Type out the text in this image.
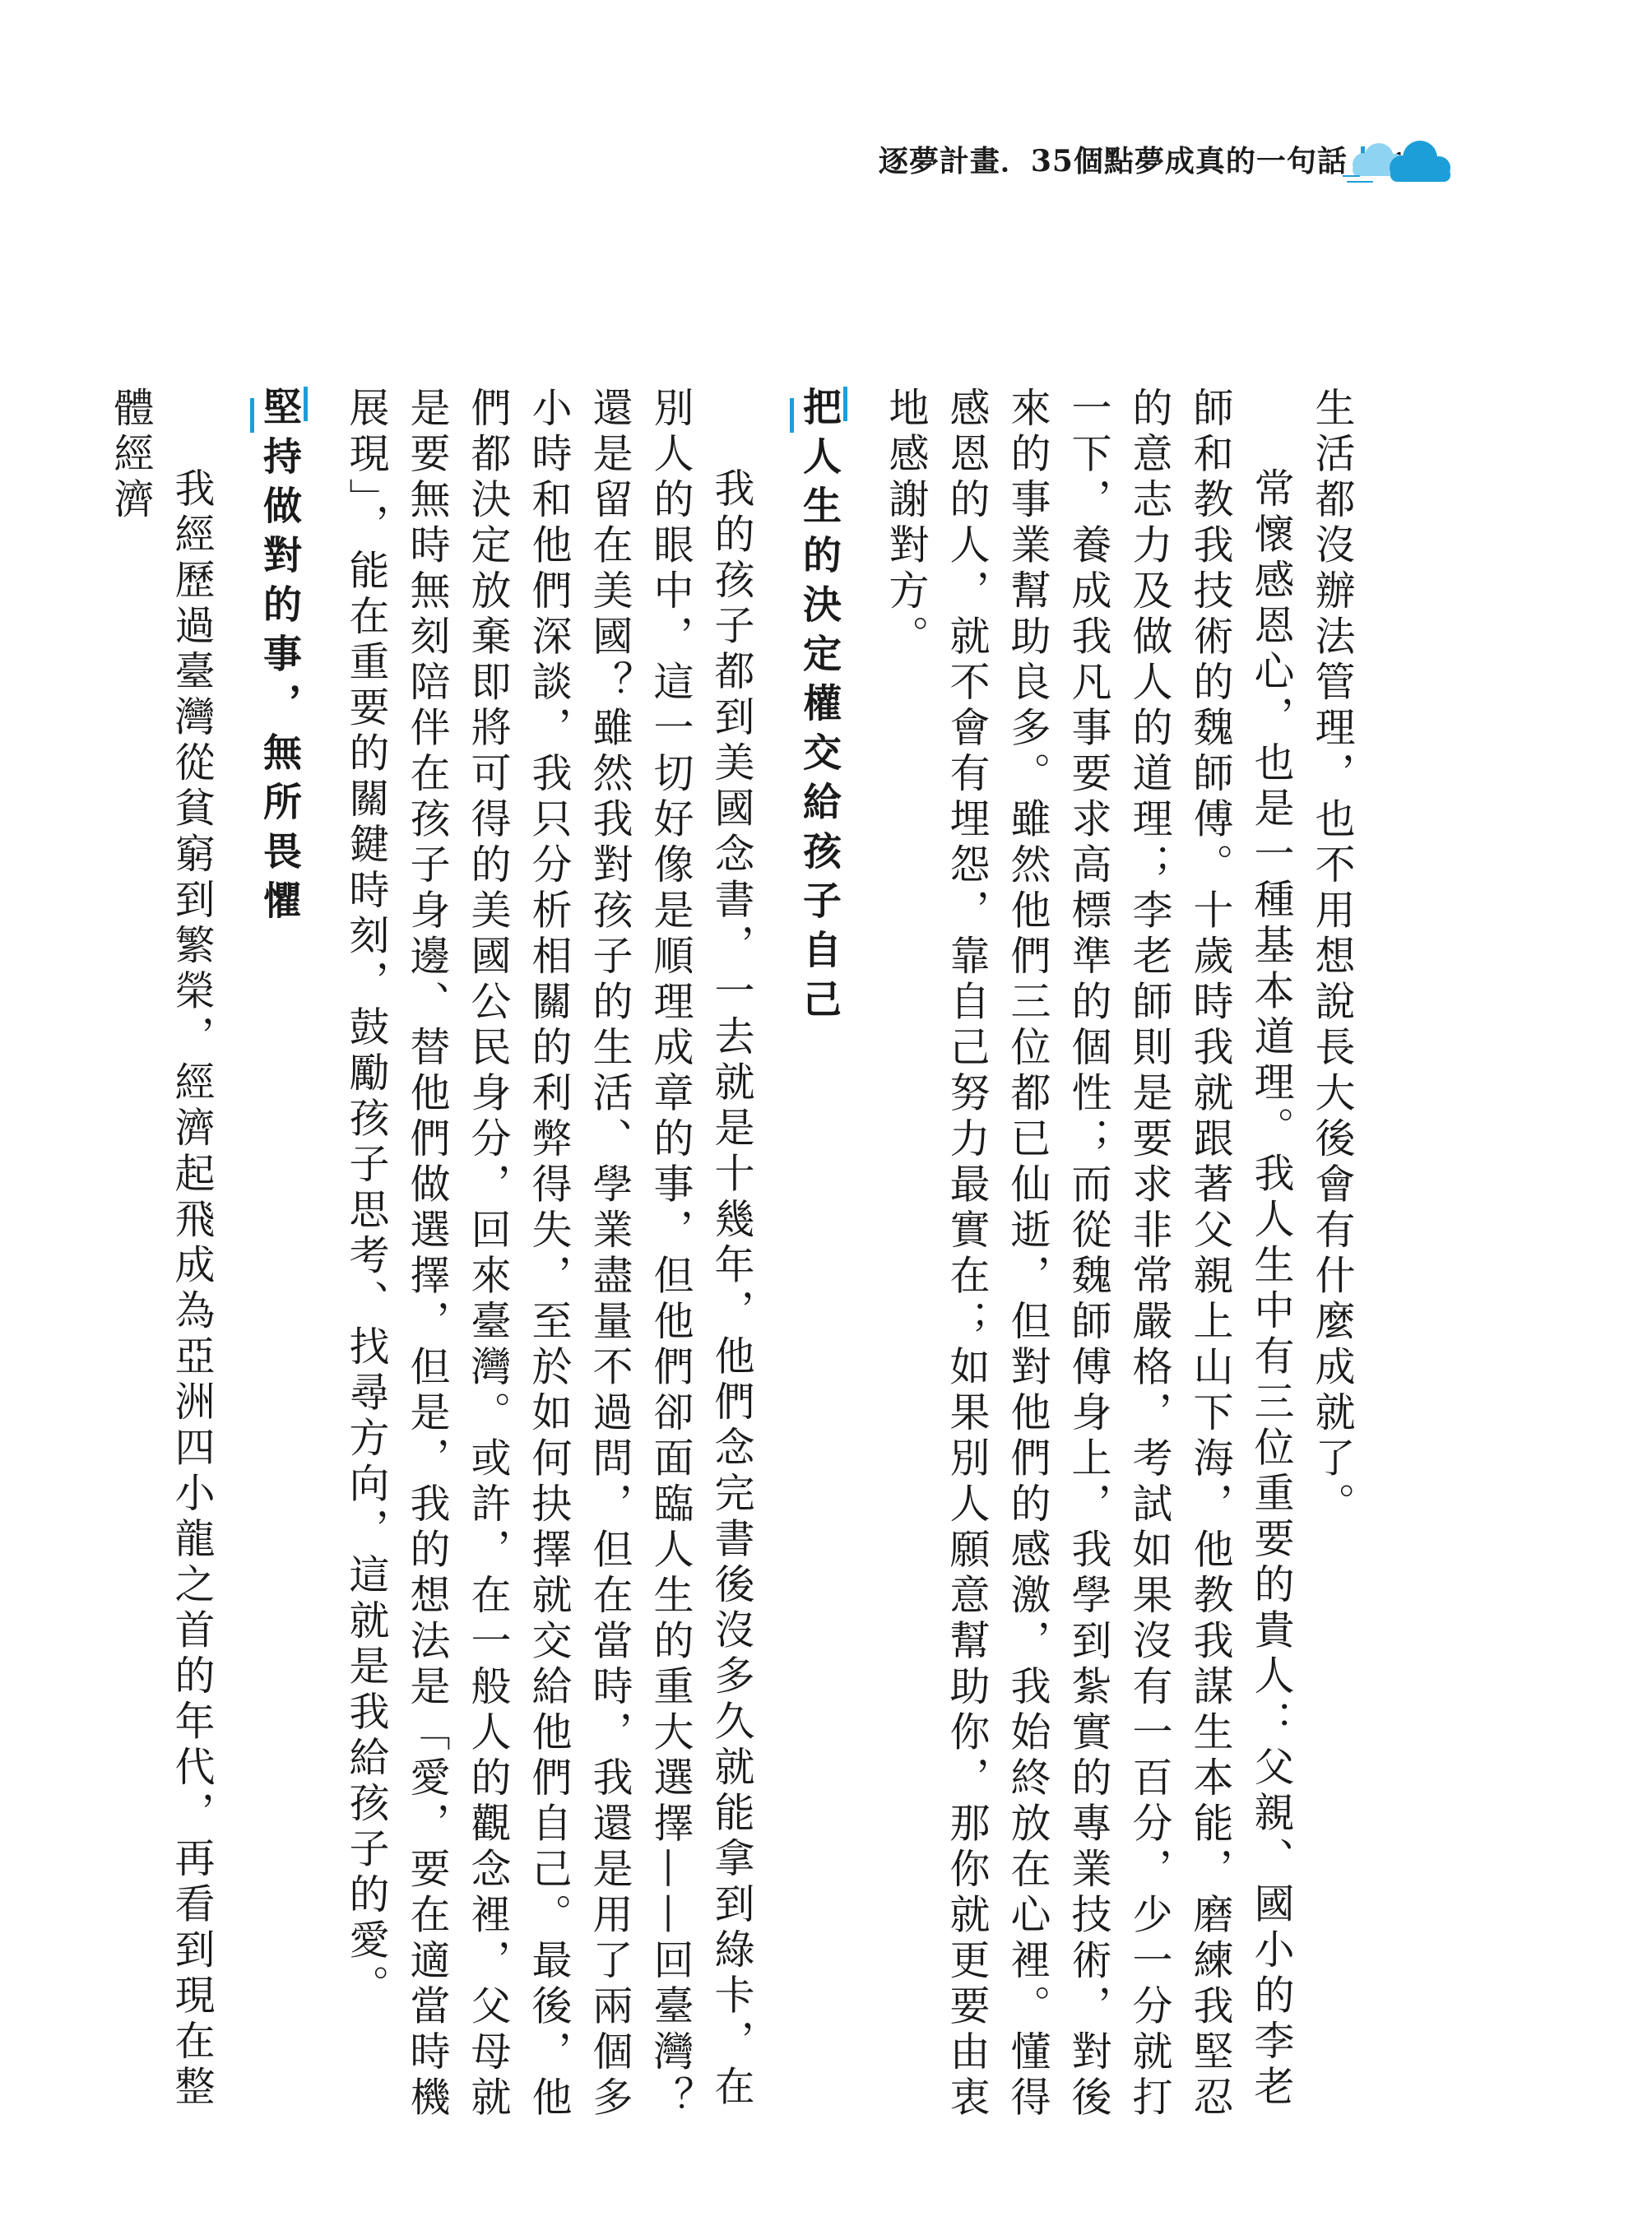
逐夢計畫．35個點夢成真的一句話

生活都沒辦法管理，也不用想說長大後會有什麼成就了。

常懷感恩心，也是一種基本道理。我人生中有三位重要的貴人：父親、國小的李老師和教我技術的魏師傅。十歲時我就跟著父親上山下海，他教我謀生本能，磨練我堅忍的意志力及做人的道理；李老師則是要求非常嚴格，考試如果沒有一百分，少一分就打一下，養成我凡事要求高標準的個性；而從魏師傅身上，我學到紮實的專業技術，對後來的事業幫助良多。雖然他們三位都已仙逝，但對他們的感激，我始終放在心裡。懂得感恩的人，就不會有埋怨，靠自己努力最實在；如果別人願意幫助你，那你就更要由衷地感謝對方。

把人生的決定權交給孩子自己

我的孩子都到美國念書，一去就是十幾年，他們念完書後沒多久就能拿到綠卡，在別人的眼中，這一切好像是順理成章的事，但他們卻面臨人生的重大選擇——回臺灣？還是留在美國？雖然我對孩子的生活、學業盡量不過問，但在當時，我還是用了兩個多小時和他們深談，我只分析相關的利弊得失，至於如何抉擇就交給他們自己。最後，他們都決定放棄即將可得的美國公民身分，回來臺灣。或許，在一般人的觀念裡，父母就是要無時無刻陪伴在孩子身邊、替他們做選擇，但是，我的想法是「愛，要在適當時機展現」，能在重要的關鍵時刻，鼓勵孩子思考、找尋方向，這就是我給孩子的愛。

堅持做對的事，無所畏懼

我經歷過臺灣從貧窮到繁榮，經濟起飛成為亞洲四小龍之首的年代，再看到現在整體經濟
